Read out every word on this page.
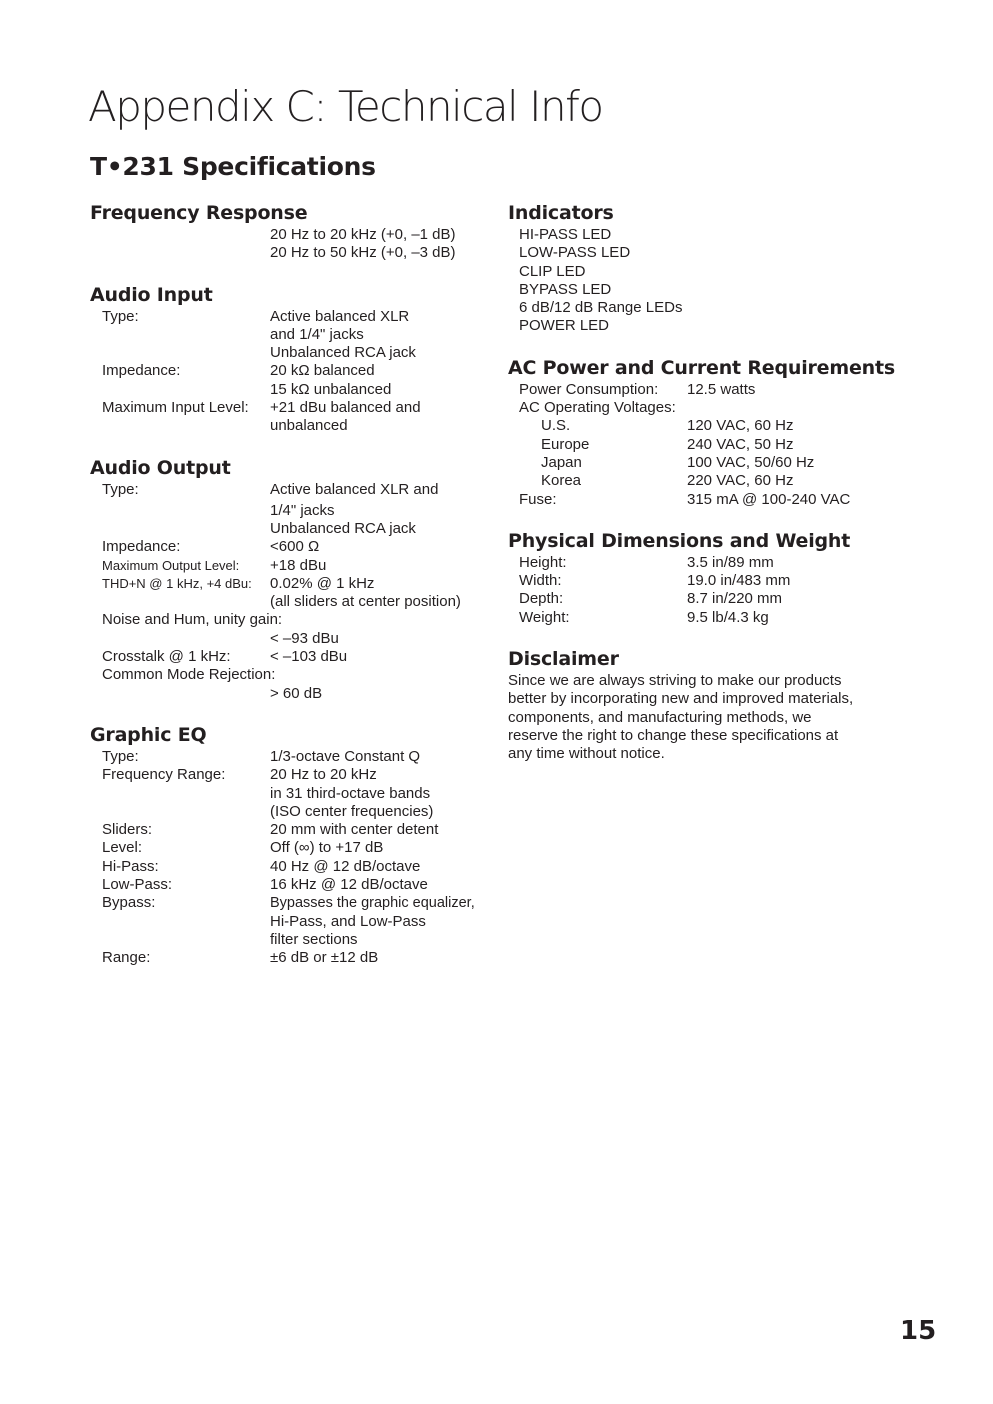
Appendix C: Technical Info
T•231 Specifications
Frequency Response
20 Hz to 20 kHz (+0, –1 dB)
20 Hz to 50 kHz (+0, –3 dB)
Audio Input
Type:	Active balanced XLR
and 1/4" jacks
Unbalanced RCA jack
Impedance:	20 kΩ balanced
15 kΩ unbalanced
Maximum Input Level: +21 dBu balanced and
unbalanced
Audio Output
Type:	Active balanced XLR and
1/4" jacks
Unbalanced RCA jack
Impedance:	<600 Ω
Maximum Output Level: +18 dBu
THD+N @ 1 kHz, +4 dBu: 0.02% @ 1 kHz
(all sliders at center position)
Noise and Hum, unity gain:
< –93 dBu
Crosstalk @ 1 kHz:	< –103 dBu
Common Mode Rejection:
> 60 dB
Graphic EQ
Type:	1/3-octave Constant Q
Frequency Range:	20 Hz to 20 kHz
in 31 third-octave bands
(ISO center frequencies)
Sliders:	20 mm with center detent
Level:	Off (∞) to +17 dB
Hi-Pass:	40 Hz @ 12 dB/octave
Low-Pass:	16 kHz @ 12 dB/octave
Bypass:	Bypasses the graphic equalizer,
Hi-Pass, and Low-Pass
filter sections
Range:	±6 dB or ±12 dB
Indicators
HI-PASS LED
LOW-PASS LED
CLIP LED
BYPASS LED
6 dB/12 dB Range LEDs
POWER LED
AC Power and Current Requirements
Power Consumption: 12.5 watts
AC Operating Voltages:
U.S.	120 VAC, 60 Hz
Europe	240 VAC, 50 Hz
Japan	100 VAC, 50/60 Hz
Korea	220 VAC, 60 Hz
Fuse:	315 mA @ 100-240 VAC
Physical Dimensions and Weight
Height:	3.5 in/89 mm
Width:	19.0 in/483 mm
Depth:	8.7 in/220 mm
Weight:	9.5 lb/4.3 kg
Disclaimer
Since we are always striving to make our products
better by incorporating new and improved materials,
components, and manufacturing methods, we
reserve the right to change these specifications at
any time without notice.
15
